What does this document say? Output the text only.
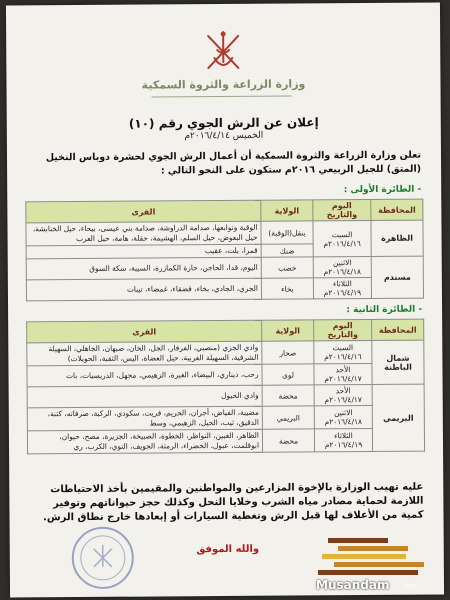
وزارة الزراعة والثروة السمكية
إعلان عن الرش الجوي رقم (١٠)
الخميس ٢٠١٦/٤/١٤م
تعلن وزارة الزراعة والثروة السمكية أن أعمال الرش الجوي لحشرة دوباس النخيل (المتق) للجيل الربيعي ٢٠١٦م ستكون على النحو التالي :
- الطائرة الأولى :
المحافظة	اليوم والتاريخ	الولاية	القرى
الظاهرة	السبت ٢٠١٦/٤/١٦م	ينقل(الوقبة)	الوقبة وتوابعها، صدامة الدراوشة، صدامة بني عيسى، بيحاء، حيل الخنابشة، حيل البعوض، حيل السلم، الهشيمة، حقلة، هامة، حيل العرب
		ضنك	قمرا، بلت، عقيب
مسندم	الاثنين ٢٠١٦/٤/١٨م	خصب	اليوم، قدا، الحاجن، حارة الكمازرة، السيبة، سكة السوق
	الثلاثاء ٢٠١٦/٤/١٩م	بخاء	الجري، الجادي، بخاء، قضقاء، غمضاء، تيبات
- الطائرة الثانية :
المحافظة	اليوم والتاريخ	الولاية	القرى
شمال الباطنة	السبت ٢٠١٦/٤/١٦م	صحار	وادي الجزي (منصبي، الفرفار، الجل، الخان، صبهان، الجاهلي، السهيلة الشرقية، السهيلة الغربية، حيل العضاة، اليس، الثقبة، الحويلات)
	الأحد ٢٠١٦/٤/١٧م	لوى	رحب، ديناري، البيضاء، الغبرة، الزهيمي، مجهل، الدريسيات، بات
البريمي	الأحد ٢٠١٦/٤/١٧م	محضة	وادي الحيول
	الاثنين ٢٠١٦/٤/١٨م	البريمي	مضيبة، الفياض، أجران، الحريم، قريت، سكودي، الركبة، صرفاته، كتنة، الدقيق، ثيب، الحيل، الزهيمي، وسط
	الثلاثاء ٢٠١٦/٤/١٩م	محضة	الظاهر، الغبين، النواظر، الخطوة، الصبيخة، الجزيرة، مصح، حيوان، ابوقلمت، عبول، الخضراء، الرمثة، الجويف، النوي، الكرب، ري
عليه تهيب الوزارة بالإخوة المزارعين والمواطنين والمقيمين بأخذ الاحتياطات اللازمة لحماية مصادر مياه الشرب وخلايا النحل وكذلك حجز حيواناتهم وتوفير كمية من الأعلاف لها قبل الرش وتغطية السيارات أو إبعادها خارج نطاق الرش.
والله الموفق
Musandam .net
